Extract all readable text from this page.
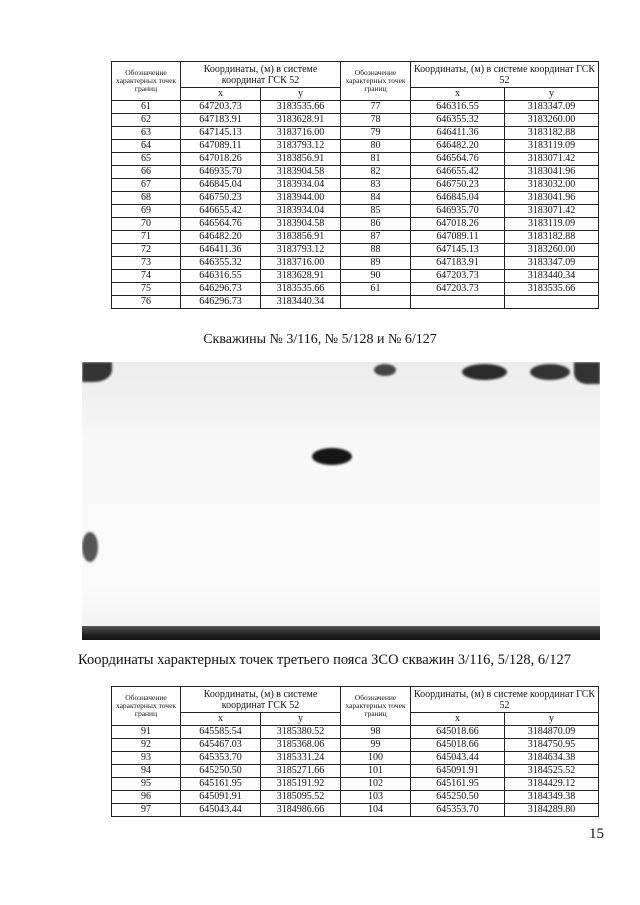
Обозначение характерных точек границ	Координаты, (м) в системе координат ГСК 52		Обозначение характерных точек границ	Координаты, (м) в системе координат ГСК 52	
	x	y		x	y
61	647203.73	3183535.66	77	646316.55	3183347.09
62	647183.91	3183628.91	78	646355.32	3183260.00
63	647145.13	3183716.00	79	646411.36	3183182.88
64	647089.11	3183793.12	80	646482.20	3183119.09
65	647018.26	3183856.91	81	646564.76	3183071.42
66	646935.70	3183904.58	82	646655.42	3183041.96
67	646845.04	3183934.04	83	646750.23	3183032.00
68	646750.23	3183944.00	84	646845.04	3183041.96
69	646655.42	3183934.04	85	646935.70	3183071.42
70	646564.76	3183904.58	86	647018.26	3183119.09
71	646482.20	3183856.91	87	647089.11	3183182.88
72	646411.36	3183793.12	88	647145.13	3183260.00
73	646355.32	3183716.00	89	647183.91	3183347.09
74	646316.55	3183628.91	90	647203.73	3183440.34
75	646296.73	3183535.66	61	647203.73	3183535.66
76	646296.73	3183440.34			
Скважины № 3/116, № 5/128 и № 6/127
Координаты характерных точек третьего пояса ЗСО скважин 3/116, 5/128, 6/127
Обозначение характерных точек границ	Координаты, (м) в системе координат ГСК 52		Обозначение характерных точек границ	Координаты, (м) в системе координат ГСК 52	
	x	y		x	y
91	645585.54	3185380.52	98	645018.66	3184870.09
92	645467.03	3185368.06	99	645018.66	3184750.95
93	645353.70	3185331.24	100	645043.44	3184634.38
94	645250.50	3185271.66	101	645091.91	3184525.52
95	645161.95	3185191.92	102	645161.95	3184429.12
96	645091.91	3185095.52	103	645250.50	3184349.38
97	645043.44	3184986.66	104	645353.70	3184289.80
15
